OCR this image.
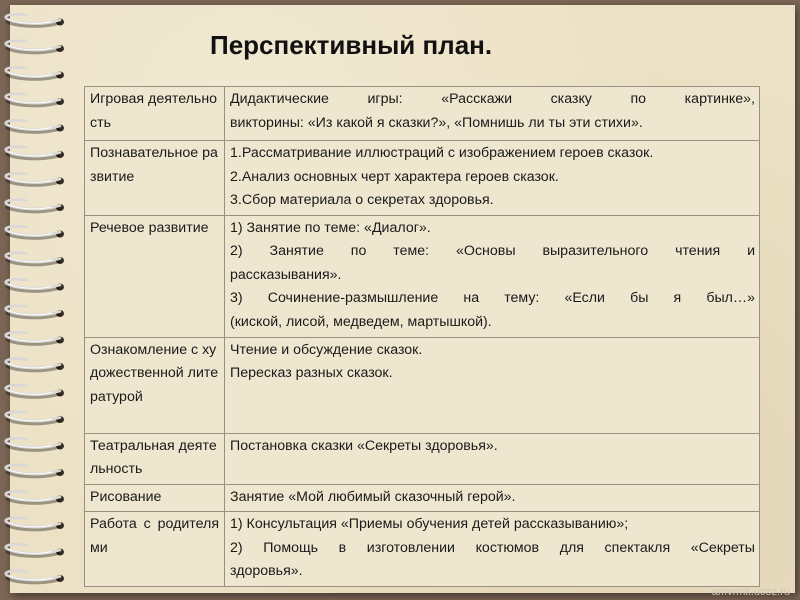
Перспективный план.
Игровая деятельность	Дидактические игры: «Расскажи сказку по картинке»,
викторины: «Из какой я сказки?», «Помнишь ли ты эти стихи».

Познавательное развитие	1.Рассматривание иллюстраций с изображением героев сказок.
2.Анализ основных черт характера героев сказок.
3.Сбор материала о секретах здоровья.

Речевое развитие	1) Занятие по теме: «Диалог».
2) Занятие по теме: «Основы выразительного чтения и
рассказывания».
3) Сочинение-размышление на тему: «Если бы я был…»
(киской, лисой, медведем, мартышкой).

Ознакомление с художественной литературой	Чтение и обсуждение сказок.
Пересказ разных сказок.

Театральная деятельность	Постановка сказки «Секреты здоровья».

Рисование	Занятие «Мой любимый сказочный герой».

Работа с родителями	1) Консультация «Приемы обучения детей рассказыванию»;
2) Помощь в изготовлении костюмов для спектакля «Секреты
здоровья».
amvrmk.ucoz.ru
